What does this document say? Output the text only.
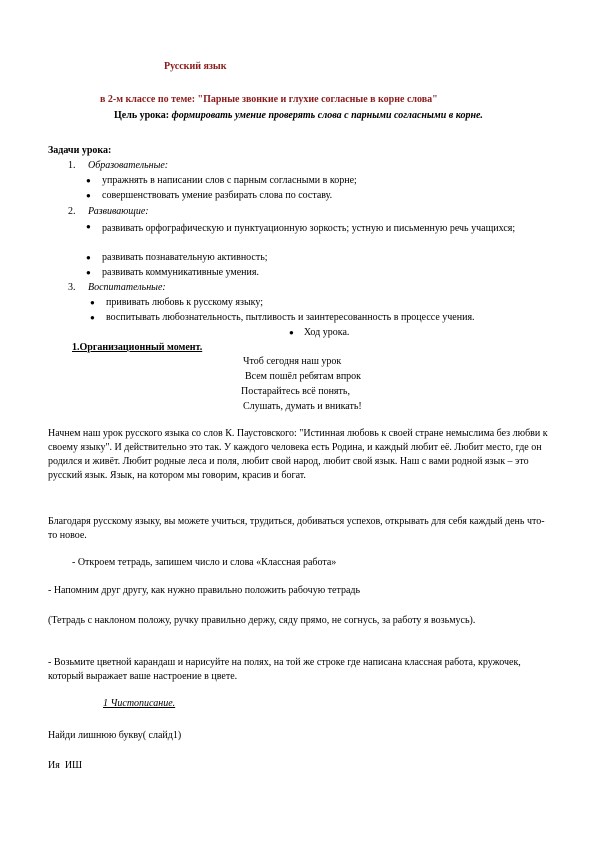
Русский язык
в 2-м классе по теме: "Парные звонкие и глухие согласные в корне слова"
Цель урока: формировать умение проверять слова с парными согласными в корне.
Задачи урока:
1. Образовательные:
● упражнять в написании слов с парным согласными в корне;
● совершенствовать умение разбирать слова по составу.
2. Развивающие:
●	развивать орфографическую и пунктуационную зоркость; устную и письменную речь учащихся;
● развивать познавательную активность;
● развивать коммуникативные умения.
3. Воспитательные:
● прививать любовь к русскому языку;
● воспитывать любознательность, пытливость и заинтересованность в процессе учения.
● Ход урока.
1.Организационный момент.
Чтоб сегодня наш урок
Всем пошёл ребятам впрок
Постарайтесь всё понять,
Слушать, думать и вникать!
Начнем наш урок русского языка со слов К. Паустовского: "Истинная любовь к своей стране немыслима без любви к своему языку". И действительно это так. У каждого человека есть Родина, и каждый любит её. Любит место, где он родился и живёт. Любит родные леса и поля, любит свой народ, любит свой язык. Наш с вами родной язык – это русский язык. Язык, на котором мы говорим, красив и богат.
Благодаря русскому языку, вы можете учиться, трудиться, добиваться успехов, открывать для себя каждый день что-то новое.
- Откроем тетрадь, запишем число и слова «Классная работа»
- Напомним друг другу, как нужно правильно положить рабочую тетрадь
(Тетрадь с наклоном положу, ручку правильно держу, сяду прямо, не согнусь, за работу я возьмусь).
- Возьмите цветной карандаш и нарисуйте на полях, на той же строке где написана классная работа, кружочек, который выражает ваше настроение в цвете.
1 Чистописание.
Найди лишнюю букву( слайд1)
Ия  ИШ
